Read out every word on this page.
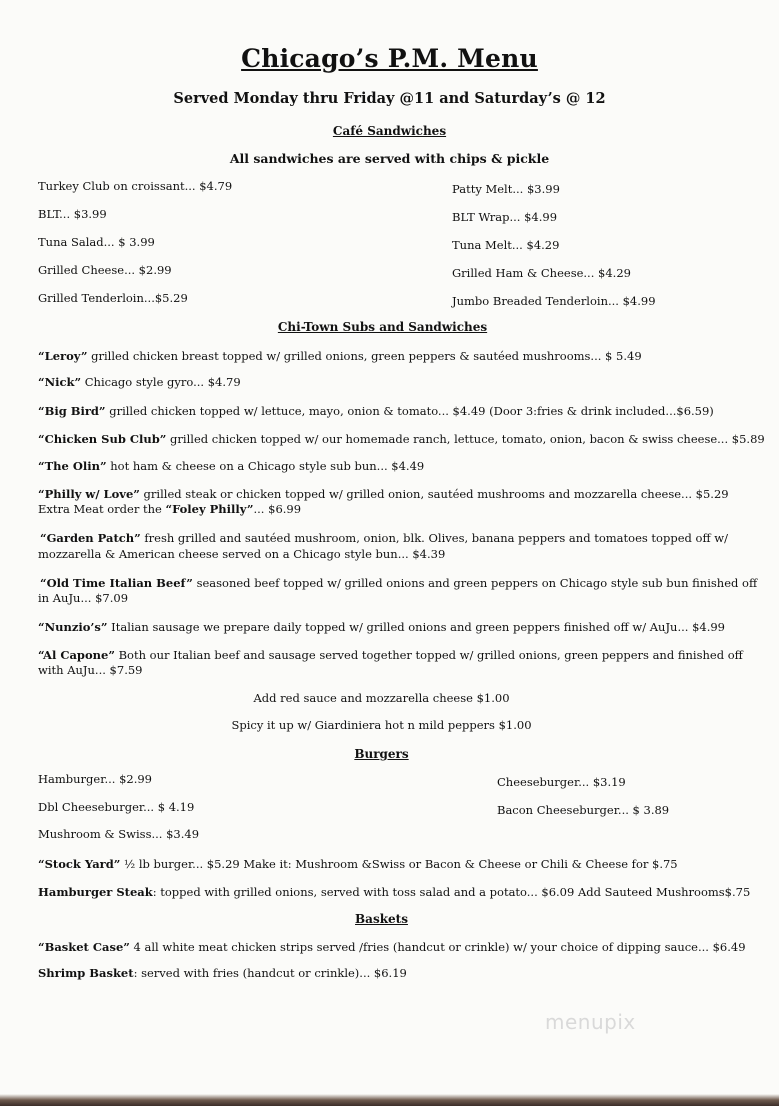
Chicago’s P.M. Menu
Served Monday thru Friday @11 and Saturday’s @ 12
Café Sandwiches
All sandwiches are served with chips & pickle
Turkey Club on croissant... $4.79
BLT... $3.99
Tuna Salad... $ 3.99
Grilled Cheese... $2.99
Grilled Tenderloin...$5.29
Patty Melt... $3.99
BLT Wrap... $4.99
Tuna Melt... $4.29
Grilled Ham & Cheese... $4.29
Jumbo Breaded Tenderloin... $4.99
Chi-Town Subs and Sandwiches
“Leroy” grilled chicken breast topped w/ grilled onions, green peppers & sautéed mushrooms... $ 5.49
“Nick” Chicago style gyro... $4.79
“Big Bird” grilled chicken topped w/ lettuce, mayo, onion & tomato... $4.49 (Door 3:fries & drink included...$6.59)
“Chicken Sub Club” grilled chicken topped w/ our homemade ranch, lettuce, tomato, onion, bacon & swiss cheese... $5.89
“The Olin” hot ham & cheese on a Chicago style sub bun... $4.49
“Philly w/ Love” grilled steak or chicken topped w/ grilled onion, sautéed mushrooms and mozzarella cheese... $5.29
Extra Meat order the “Foley Philly”... $6.99
“Garden Patch” fresh grilled and sautéed mushroom, onion, blk. Olives, banana peppers and tomatoes topped off w/
mozzarella & American cheese served on a Chicago style bun... $4.39
“Old Time Italian Beef” seasoned beef topped w/ grilled onions and green peppers on Chicago style sub bun finished off
in AuJu... $7.09
“Nunzio’s” Italian sausage we prepare daily topped w/ grilled onions and green peppers finished off w/ AuJu... $4.99
“Al Capone” Both our Italian beef and sausage served together topped w/ grilled onions, green peppers and finished off
with AuJu... $7.59
Add red sauce and mozzarella cheese $1.00
Spicy it up w/ Giardiniera hot n mild peppers $1.00
Burgers
Hamburger... $2.99
Dbl Cheeseburger... $ 4.19
Mushroom & Swiss... $3.49
Cheeseburger... $3.19
Bacon Cheeseburger... $ 3.89
“Stock Yard” ½ lb burger... $5.29 Make it: Mushroom &Swiss or Bacon & Cheese or Chili & Cheese for $.75
Hamburger Steak: topped with grilled onions, served with toss salad and a potato... $6.09 Add Sauteed Mushrooms$.75
Baskets
“Basket Case” 4 all white meat chicken strips served /fries (handcut or crinkle) w/ your choice of dipping sauce... $6.49
Shrimp Basket: served with fries (handcut or crinkle)... $6.19
menupix
